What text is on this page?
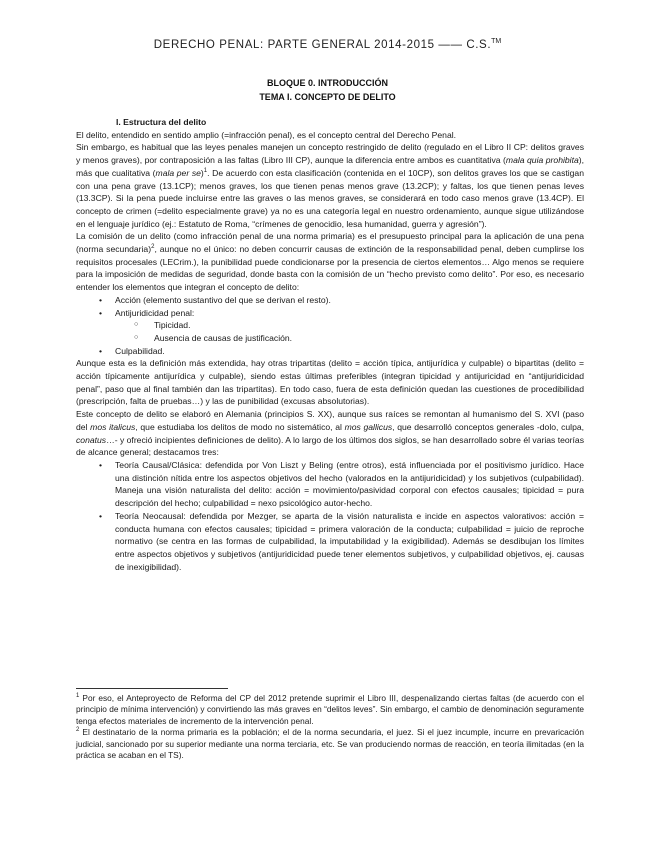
DERECHO PENAL: PARTE GENERAL 2014-2015 —— C.S.™
BLOQUE 0. INTRODUCCIÓN
TEMA I. CONCEPTO DE DELITO

I. Estructura del delito

El delito, entendido en sentido amplio (=infracción penal), es el concepto central del Derecho Penal.

Sin embargo, es habitual que las leyes penales manejen un concepto restringido de delito (regulado en el Libro II CP: delitos graves y menos graves), por contraposición a las faltas (Libro III CP), aunque la diferencia entre ambos es cuantitativa (mala quia prohibita), más que cualitativa (mala per se)$^1$. De acuerdo con esta clasificación (contenida en el 10CP), son delitos graves los que se castigan con una pena grave (13.1CP); menos graves, los que tienen penas menos grave (13.2CP); y faltas, los que tienen penas leves (13.3CP). Si la pena puede incluirse entre las graves o las menos graves, se considerará en todo caso menos grave (13.4CP). El concepto de crimen (=delito especialmente grave) ya no es una categoría legal en nuestro ordenamiento, aunque sigue utilizándose en el lenguaje jurídico (ej.: Estatuto de Roma, “crímenes de genocidio, lesa humanidad, guerra y agresión”).

La comisión de un delito (como infracción penal de una norma primaria) es el presupuesto principal para la aplicación de una pena (norma secundaria)$^2$, aunque no el único: no deben concurrir causas de extinción de la responsabilidad penal, deben cumplirse los requisitos procesales (LECrim.), la punibilidad puede condicionarse por la presencia de ciertos elementos… Algo menos se requiere para la imposición de medidas de seguridad, donde basta con la comisión de un “hecho previsto como delito”. Por eso, es necesario entender los elementos que integran el concepto de delito:

• Acción (elemento sustantivo del que se derivan el resto).
• Antijuridicidad penal:
○ Tipicidad.
○ Ausencia de causas de justificación.
• Culpabilidad.

Aunque esta es la definición más extendida, hay otras tripartitas (delito = acción típica, antijurídica y culpable) o bipartitas (delito = acción típicamente antijurídica y culpable), siendo estas últimas preferibles (integran tipicidad y antijuricidad en “antijuridicidad penal”, paso que al final también dan las tripartitas). En todo caso, fuera de esta definición quedan las cuestiones de procedibilidad (prescripción, falta de pruebas…) y las de punibilidad (excusas absolutorias).

Este concepto de delito se elaboró en Alemania (principios S. XX), aunque sus raíces se remontan al humanismo del S. XVI (paso del mos italicus, que estudiaba los delitos de modo no sistemático, al mos gallicus, que desarrolló conceptos generales -dolo, culpa, conatus…- y ofreció incipientes definiciones de delito). A lo largo de los últimos dos siglos, se han desarrollado sobre él varias teorías de alcance general; destacamos tres:

• Teoría Causal/Clásica: defendida por Von Liszt y Beling (entre otros), está influenciada por el positivismo jurídico. Hace una distinción nítida entre los aspectos objetivos del hecho (valorados en la antijuridicidad) y los subjetivos (culpabilidad). Maneja una visión naturalista del delito: acción = movimiento/pasividad corporal con efectos causales; tipicidad = pura descripción del hecho; culpabilidad = nexo psicológico autor-hecho.
• Teoría Neocausal: defendida por Mezger, se aparta de la visión naturalista e incide en aspectos valorativos: acción = conducta humana con efectos causales; tipicidad = primera valoración de la conducta; culpabilidad = juicio de reproche normativo (se centra en las formas de culpabilidad, la imputabilidad y la exigibilidad). Además se desdibujan los límites entre aspectos objetivos y subjetivos (antijuridicidad puede tener elementos subjetivos, y culpabilidad objetivos, ej. causas de inexigibilidad).

$^1$ Por eso, el Anteproyecto de Reforma del CP del 2012 pretende suprimir el Libro III, despenalizando ciertas faltas (de acuerdo con el principio de mínima intervención) y convirtiendo las más graves en “delitos leves”. Sin embargo, el cambio de denominación seguramente tenga efectos materiales de incremento de la intervención penal.

$^2$ El destinatario de la norma primaria es la población; el de la norma secundaria, el juez. Si el juez incumple, incurre en prevaricación judicial, sancionado por su superior mediante una norma terciaria, etc. Se van produciendo normas de reacción, en teoría ilimitadas (en la práctica se acaban en el TS).
